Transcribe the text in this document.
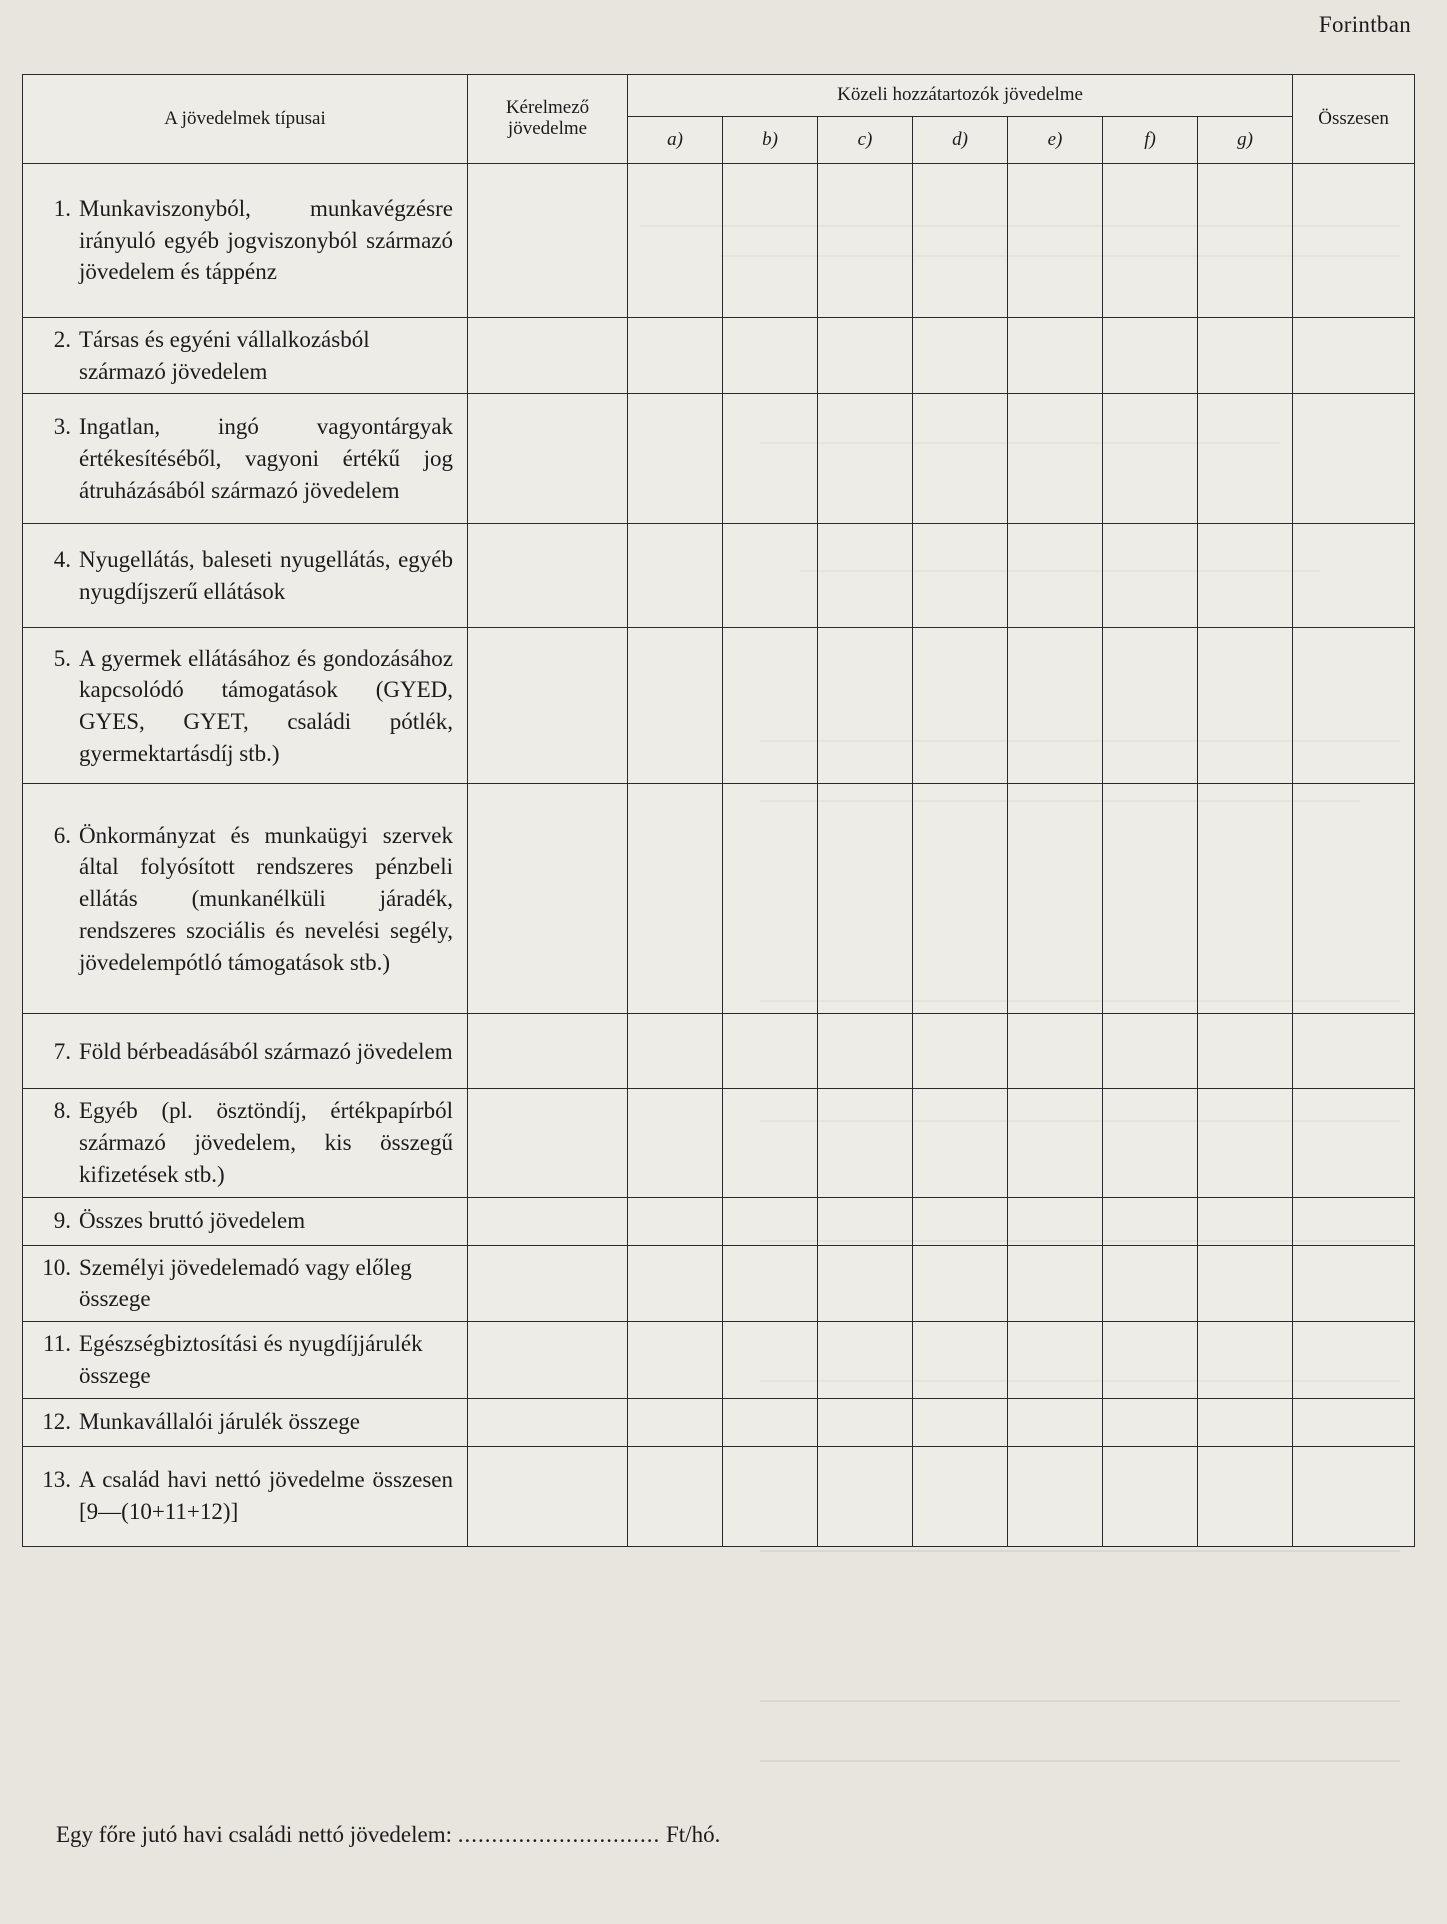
Forintban
A jövedelmek típusai	Kérelmező jövedelme	Közeli hozzátartozók jövedelme							Összesen
		a)	b)	c)	d)	e)	f)	g)	

1. Munkaviszonyból, munkavégzésre irányuló egyéb jogviszonyból származó jövedelem és táppénz									

2. Társas és egyéni vállalkozásból származó jövedelem									

3. Ingatlan, ingó vagyontárgyak értékesítéséből, vagyoni értékű jog átruházásából származó jövedelem									

4. Nyugellátás, baleseti nyugellátás, egyéb nyugdíjszerű ellátások									

5. A gyermek ellátásához és gondozásához kapcsolódó támogatások (GYED, GYES, GYET, családi pótlék, gyermektartásdíj stb.)									

6. Önkormányzat és munkaügyi szervek által folyósított rendszeres pénzbeli ellátás (munkanélküli járadék, rendszeres szociális és nevelési segély, jövedelempótló támogatások stb.)									

7. Föld bérbeadásából származó jövedelem									

8. Egyéb (pl. ösztöndíj, értékpapírból származó jövedelem, kis összegű kifizetések stb.)									

9. Összes bruttó jövedelem									

10. Személyi jövedelemadó vagy előleg összege									

11. Egészségbiztosítási és nyugdíjjárulék összege									

12. Munkavállalói járulék összege									

13. A család havi nettó jövedelme összesen [9—(10+11+12)]									

Egy főre jutó havi családi nettó jövedelem: .............................. Ft/hó.
